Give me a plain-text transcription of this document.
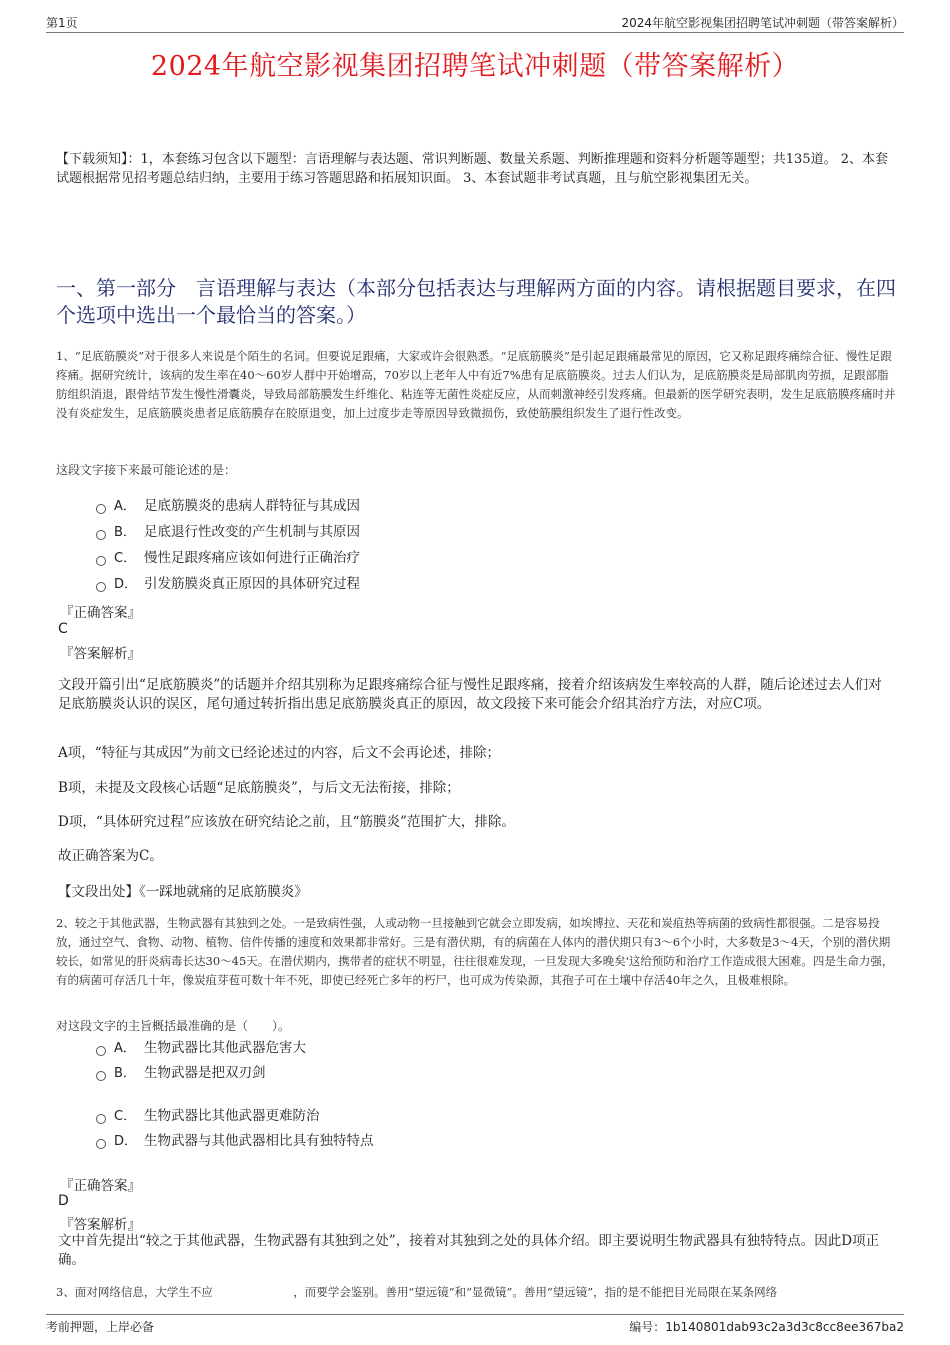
第1页	2024年航空影视集团招聘笔试冲刺题（带答案解析）
2024年航空影视集团招聘笔试冲刺题（带答案解析）
【下载须知】：1，本套练习包含以下题型：言语理解与表达题、常识判断题、数量关系题、判断推理题和资料分析题等题型；共135道。 2、本套试题根据常见招考题总结归纳，主要用于练习答题思路和拓展知识面。 3、本套试题非考试真题，且与航空影视集团无关。
一、第一部分　言语理解与表达（本部分包括表达与理解两方面的内容。请根据题目要求，在四个选项中选出一个最恰当的答案。）
1、“足底筋膜炎”对于很多人来说是个陌生的名词。但要说足跟痛，大家或许会很熟悉。“足底筋膜炎”是引起足跟痛最常见的原因，它又称足跟疼痛综合征、慢性足跟疼痛。据研究统计，该病的发生率在40～60岁人群中开始增高，70岁以上老年人中有近7%患有足底筋膜炎。过去人们认为，足底筋膜炎是局部肌肉劳损，足跟部脂肪组织消退，跟骨结节发生慢性滑囊炎，导致局部筋膜发生纤维化、粘连等无菌性炎症反应，从而刺激神经引发疼痛。但最新的医学研究表明，发生足底筋膜疼痛时并没有炎症发生，足底筋膜炎患者足底筋膜存在胶原退变，加上过度步走等原因导致微损伤，致使筋膜组织发生了退行性改变。
这段文字接下来最可能论述的是：
A． 足底筋膜炎的患病人群特征与其成因
B． 足底退行性改变的产生机制与其原因
C． 慢性足跟疼痛应该如何进行正确治疗
D． 引发筋膜炎真正原因的具体研究过程
『正确答案』
C
『答案解析』
文段开篇引出“足底筋膜炎”的话题并介绍其别称为足跟疼痛综合征与慢性足跟疼痛，接着介绍该病发生率较高的人群，随后论述过去人们对足底筋膜炎认识的误区，尾句通过转折指出患足底筋膜炎真正的原因，故文段接下来可能会介绍其治疗方法，对应C项。
A项，“特征与其成因”为前文已经论述过的内容，后文不会再论述，排除；
B项，未提及文段核心话题“足底筋膜炎”，与后文无法衔接，排除；
D项，“具体研究过程”应该放在研究结论之前，且“筋膜炎”范围扩大，排除。
故正确答案为C。
【文段出处】《一踩地就痛的足底筋膜炎》
2、较之于其他武器，生物武器有其独到之处。一是致病性强，人或动物一旦接触到它就会立即发病，如埃博拉、天花和炭疽热等病菌的致病性都很强。二是容易投放，通过空气、食物、动物、植物、信件传播的速度和效果都非常好。三是有潜伏期，有的病菌在人体内的潜伏期只有3～6个小时，大多数是3～4天，个别的潜伏期较长，如常见的肝炎病毒长达30～45天。在潜伏期内，携带者的症状不明显，往往很难发现，一旦发现大多晚矣'这给预防和治疗工作造成很大困难。四是生命力强，有的病菌可存活几十年，像炭疽芽苞可数十年不死，即使已经死亡多年的朽尸，也可成为传染源，其孢子可在土壤中存活40年之久，且极难根除。
对这段文字的主旨概括最准确的是（　　）。
A． 生物武器比其他武器危害大
B． 生物武器是把双刃剑
C． 生物武器比其他武器更难防治
D． 生物武器与其他武器相比具有独特特点
『正确答案』
D
『答案解析』
文中首先提出“较之于其他武器，生物武器有其独到之处”，接着对其独到之处的具体介绍。即主要说明生物武器具有独特特点。因此D项正确。
3、面对网络信息，大学生不应　　　　　　　，而要学会鉴别。善用“望远镜”和“显微镜”。善用“望远镜”，指的是不能把目光局限在某条网络
考前押题，上岸必备	编号：1b140801dab93c2a3d3c8cc8ee367ba2
